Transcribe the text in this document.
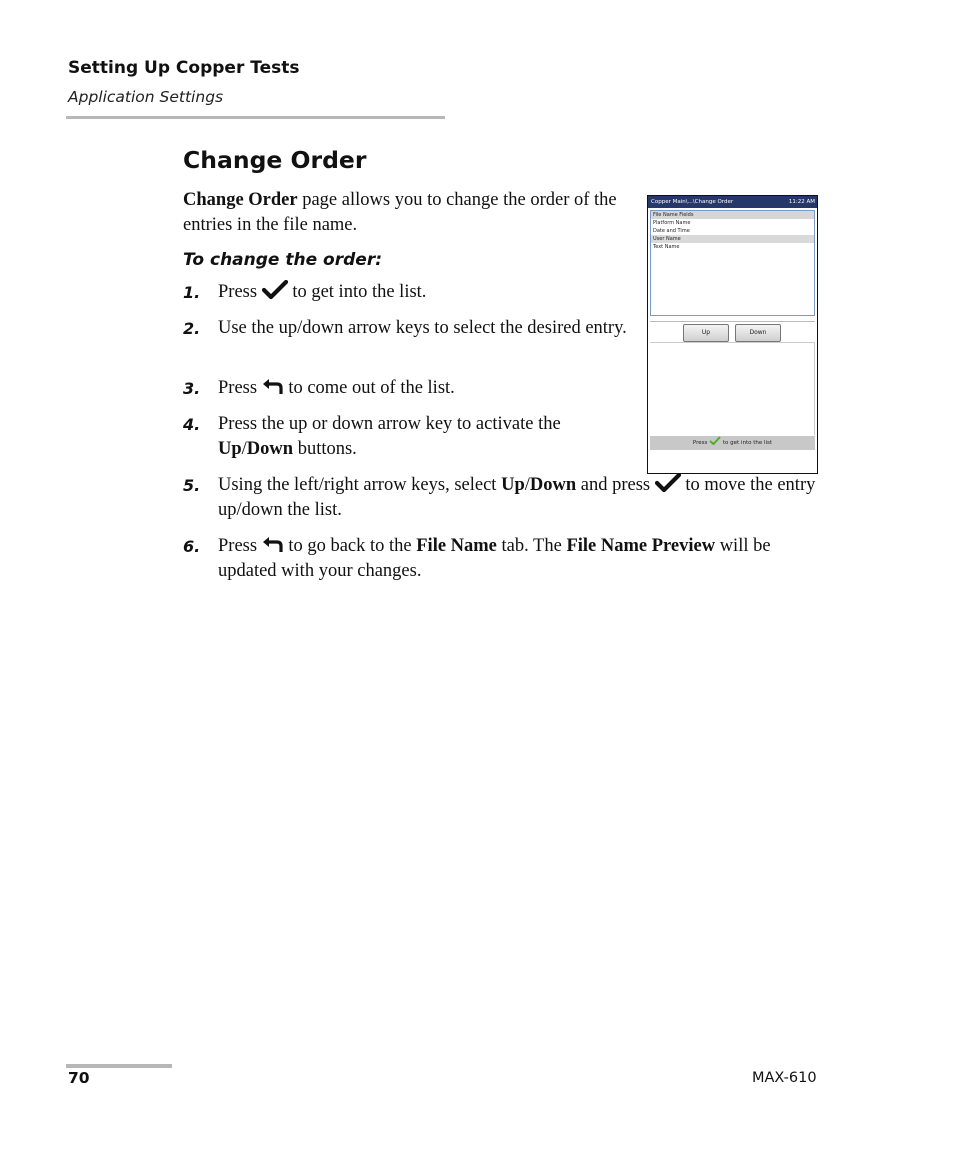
Setting Up Copper Tests
Application Settings
Change Order
Change Order page allows you to change the order of the entries in the file name.
To change the order:
1. Press to get into the list.
2. Use the up/down arrow keys to select the desired entry.
3. Press to come out of the list.
4. Press the up or down arrow key to activate the Up/Down buttons.
5. Using the left/right arrow keys, select Up/Down and press to move the entry up/down the list.
6. Press to go back to the File Name tab. The File Name Preview will be updated with your changes.
Copper Main\...\Change Order	11:22 AM
File Name Fields
Platform Name
Date and Time
User Name
Text Name
Up	Down
Press	to get into the list
70	MAX-610
